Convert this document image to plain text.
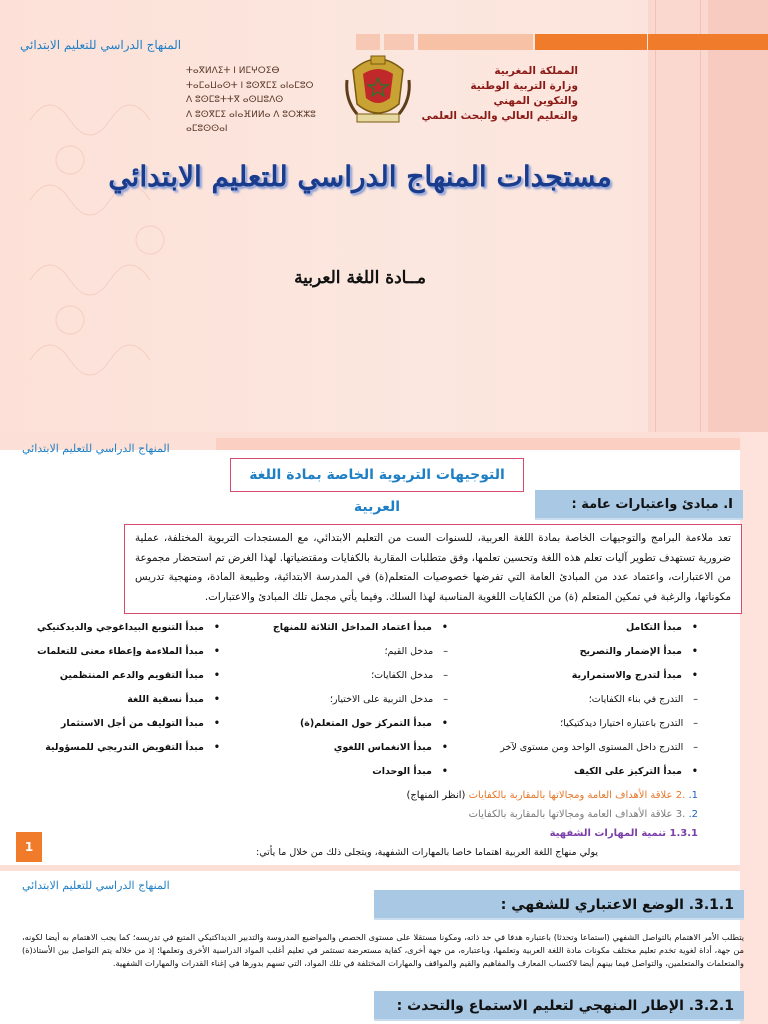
المنهاج الدراسي للتعليم الابتدائي
المملكة المغربية
وزارة التربية الوطنية
والتكوين المهني
والتعليم العالي والبحث العلمي
ⵜⴰⴳⵍⴷⵉⵜ ⵏ ⵍⵎⵖⵔⵉⴱ
ⵜⴰⵎⴰⵡⴰⵙⵜ ⵏ ⵓⵙⴳⵎⵉ ⴰⵏⴰⵎⵓⵔ
ⴷ ⵓⵙⵎⵓⵜⵜⴳ ⴰⵙⵡⵓⴷⵙ
ⴷ ⵓⵙⴳⵎⵉ ⴰⵏⴰⴼⵍⵍⴰ ⴷ ⵓⵔⵣⵣⵓ ⴰⵎⵓⵙⵙⴰⵏ
مستجدات المنهاج الدراسي للتعليم الابتدائي
مــادة اللغة العربية
المنهاج الدراسي للتعليم الابتدائي
التوجيهات التربوية الخاصة بمادة اللغة العربية	I. مبادئ واعتبارات عامة :
تعد ملاءمة البرامج والتوجيهات الخاصة بمادة اللغة العربية، للسنوات الست من التعليم الابتدائي، مع المستجدات التربوية المختلفة، عملية ضرورية تستهدف تطوير آليات تعلم هذه اللغة وتحسين تعلمها، وفق متطلبات المقاربة بالكفايات ومقتضياتها. لهذا الغرض تم استحضار مجموعة من الاعتبارات، واعتماد عدد من المبادئ العامة التي تفرضها خصوصيات المتعلم(ة) في المدرسة الابتدائية، وطبيعة المادة، ومنهجية تدريس مكوناتها، والرغبة في تمكين المتعلم (ة) من الكفايات اللغوية المناسبة لهذا السلك. وفيما يأتي مجمل تلك المبادئ والاعتبارات.
• مبدأ التكامل
• مبدأ الإضمار والتصريح
• مبدأ لتدرج والاستمرارية
– التدرج في بناء الكفايات؛
– التدرج باعتباره اختيارا ديدكتيكيا؛
– التدرج داخل المستوى الواحد ومن مستوى لآخر
• مبدأ التركيز على الكيف
• مبدأ اعتماد المداخل الثلاثة للمنهاج
– مدخل القيم؛
– مدخل الكفايات؛
– مدخل التربية على الاختيار؛
• مبدأ التمركز حول المتعلم(ة)
• مبدأ الانغماس اللغوي
• مبدأ الوحدات
• مبدأ التنويع البيداغوجي والديدكتيكي
• مبدأ الملاءمة وإعطاء معنى للتعلمات
• مبدأ التقويم والدعم المنتظمين
• مبدأ نسقية اللغة
• مبدأ التوليف من أجل الاستثمار
• مبدأ التفويض التدريجي للمسؤولية
1. .2 علاقة الأهداف العامة ومجالاتها بالمقاربة بالكفايات (انظر المنهاج)
2. .3 علاقة الأهداف العامة ومجالاتها بالمقاربة بالكفايات
1.3.1 تنمية المهارات الشفهية
يولي منهاج اللغة العربية اهتماما خاصا بالمهارات الشفهية، ويتجلى ذلك من خلال ما يأتي:
1
المنهاج الدراسي للتعليم الابتدائي
3.1.1. الوضع الاعتباري للشفهي :
يتطلب الأمر الاهتمام بالتواصل الشفهي (استماعا وتحدثا) باعتباره هدفا في حد ذاته، ومكونا مستقلا على مستوى الحصص والمواضيع المدروسة والتدبير الديداكتيكي المتبع في تدريسه؛ كما يجب الاهتمام به أيضا لكونه، من جهة، أداة لغوية تخدم تعليم مختلف مكونات مادة اللغة العربية وتعلمها، وباعتباره، من جهة أخرى، كفاية مستعرضة تستثمر في تعليم أغلب المواد الدراسية الأخرى وتعلمها؛ إذ من خلاله يتم التواصل بين الأستاذ(ة) والمتعلمات والمتعلمين، والتواصل فيما بينهم أيضا لاكتساب المعارف والمفاهيم والقيم والمواقف والمهارات المختلفة في تلك المواد، التي تسهم بدورها في إغناء القدرات والمهارات الشفهية.
3.2.1. الإطار المنهجي لتعليم الاستماع والتحدث :
